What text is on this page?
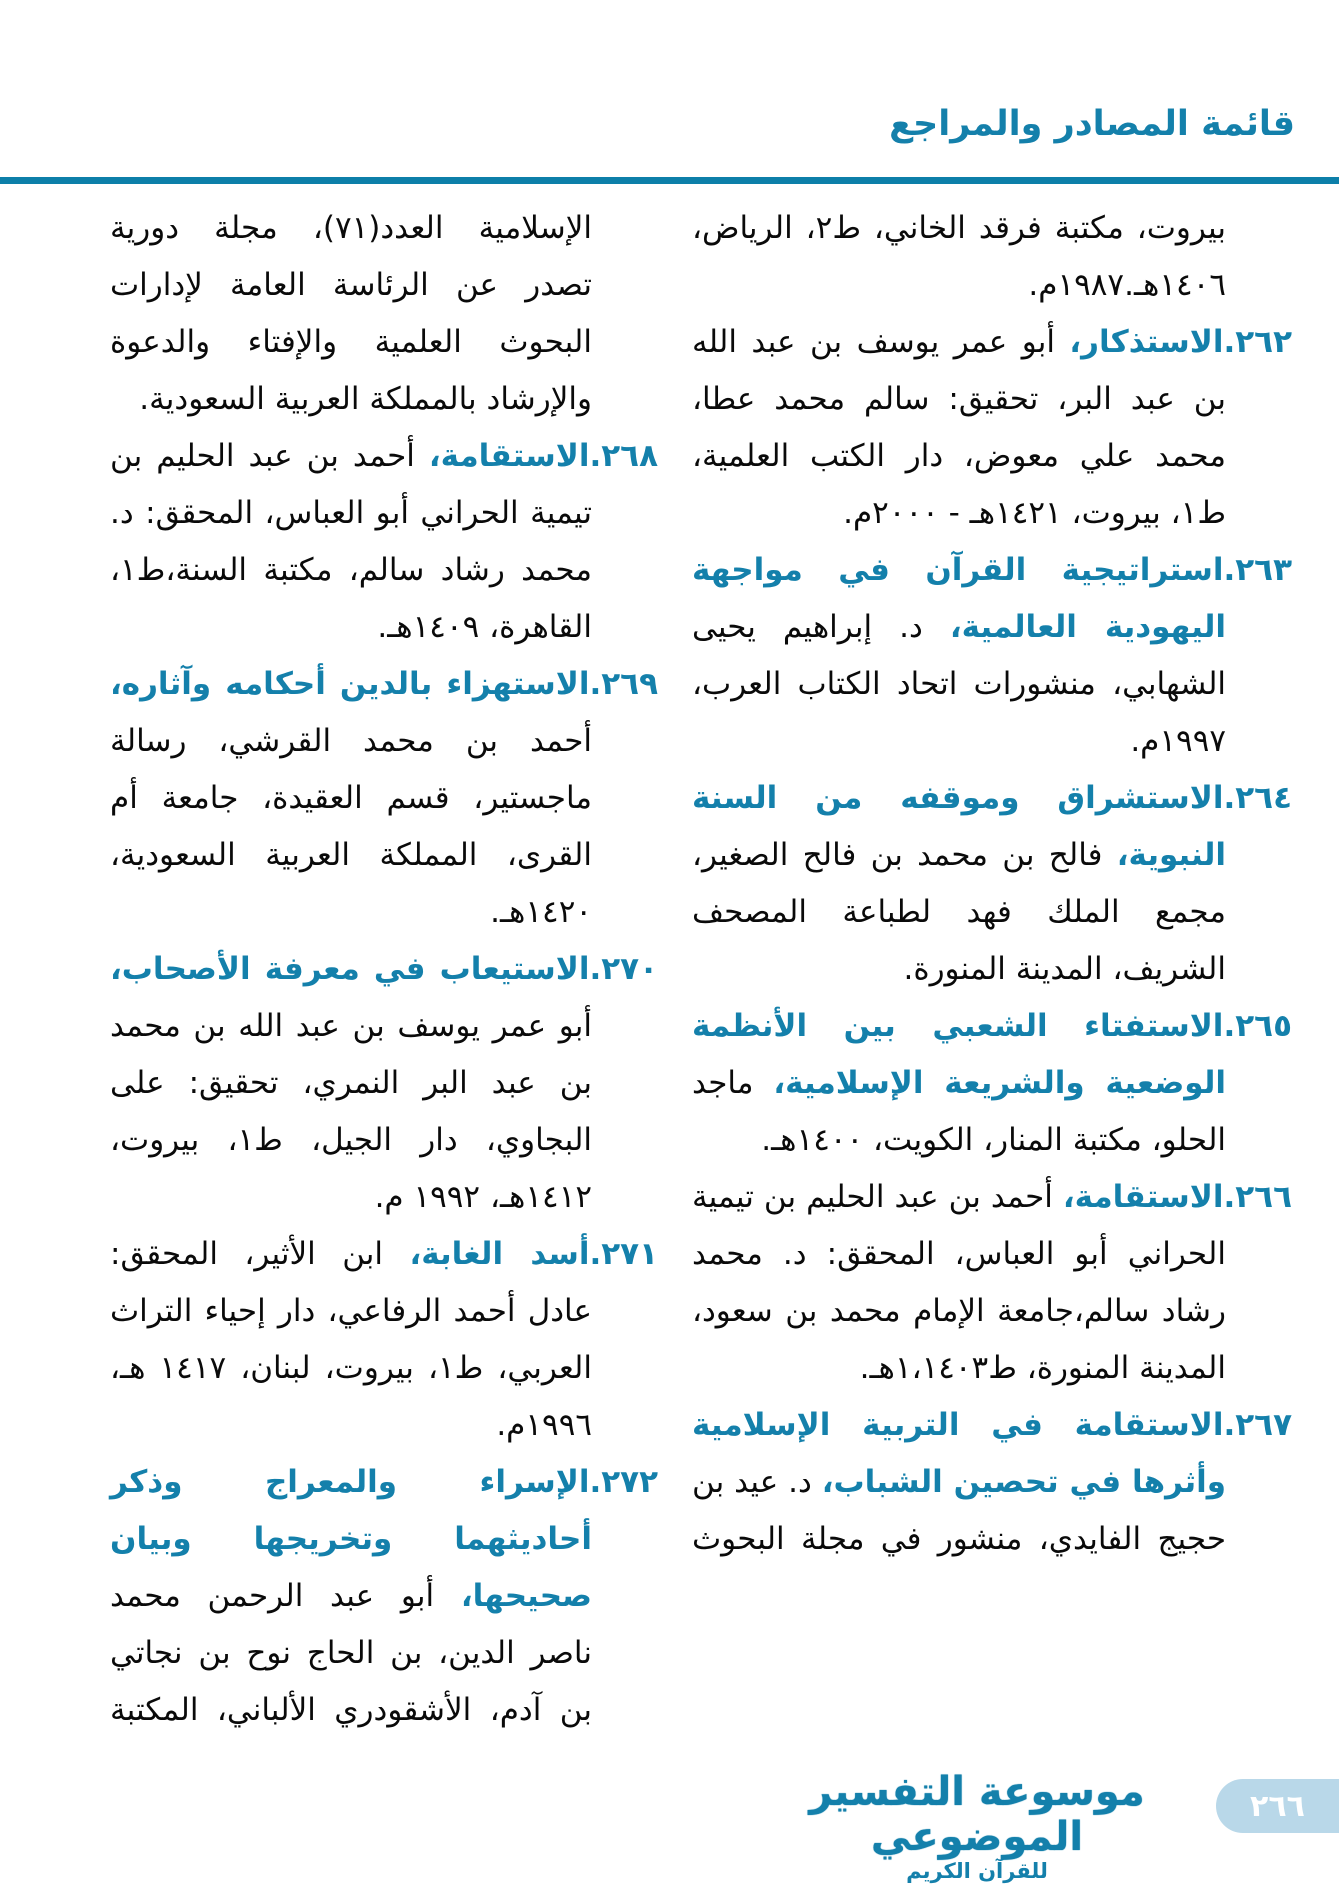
قائمة المصادر والمراجع

بيروت، مكتبة فرقد الخاني، ط٢، الرياض، ١٤٠٦هـ.١٩٨٧م.

٢٦٢.الاستذكار، أبو عمر يوسف بن عبد الله بن عبد البر، تحقيق: سالم محمد عطا، محمد علي معوض، دار الكتب العلمية، ط١، بيروت، ١٤٢١هـ - ٢٠٠٠م.

٢٦٣.استراتيجية القرآن في مواجهة اليهودية العالمية، د. إبراهيم يحيى الشهابي، منشورات اتحاد الكتاب العرب، ١٩٩٧م.

٢٦٤.الاستشراق وموقفه من السنة النبوية، فالح بن محمد بن فالح الصغير، مجمع الملك فهد لطباعة المصحف الشريف، المدينة المنورة.

٢٦٥.الاستفتاء الشعبي بين الأنظمة الوضعية والشريعة الإسلامية، ماجد الحلو، مكتبة المنار، الكويت، ١٤٠٠هـ.

٢٦٦.الاستقامة، أحمد بن عبد الحليم بن تيمية الحراني أبو العباس، المحقق: د. محمد رشاد سالم،جامعة الإمام محمد بن سعود، المدينة المنورة، ط١،١٤٠٣هـ.

٢٦٧.الاستقامة في التربية الإسلامية وأثرها في تحصين الشباب، د. عيد بن حجيج الفايدي، منشور في مجلة البحوث

الإسلامية العدد(٧١)، مجلة دورية تصدر عن الرئاسة العامة لإدارات البحوث العلمية والإفتاء والدعوة والإرشاد بالمملكة العربية السعودية.

٢٦٨.الاستقامة، أحمد بن عبد الحليم بن تيمية الحراني أبو العباس، المحقق: د. محمد رشاد سالم، مكتبة السنة،ط١، القاهرة، ١٤٠٩هـ.

٢٦٩.الاستهزاء بالدين أحكامه وآثاره، أحمد بن محمد القرشي، رسالة ماجستير، قسم العقيدة، جامعة أم القرى، المملكة العربية السعودية، ١٤٢٠هـ.

٢٧٠.الاستيعاب في معرفة الأصحاب، أبو عمر يوسف بن عبد الله بن محمد بن عبد البر النمري، تحقيق: على البجاوي، دار الجيل، ط١، بيروت، ١٤١٢هـ، ١٩٩٢ م.

٢٧١.أسد الغابة، ابن الأثير، المحقق: عادل أحمد الرفاعي، دار إحياء التراث العربي، ط١، بيروت، لبنان، ١٤١٧ هـ، ١٩٩٦م.

٢٧٢.الإسراء والمعراج وذكر أحاديثهما وتخريجها وبيان صحيحها، أبو عبد الرحمن محمد ناصر الدين، بن الحاج نوح بن نجاتي بن آدم، الأشقودري الألباني، المكتبة

موسوعة التفسير الموضوعي
للقرآن الكريم
٢٦٦
